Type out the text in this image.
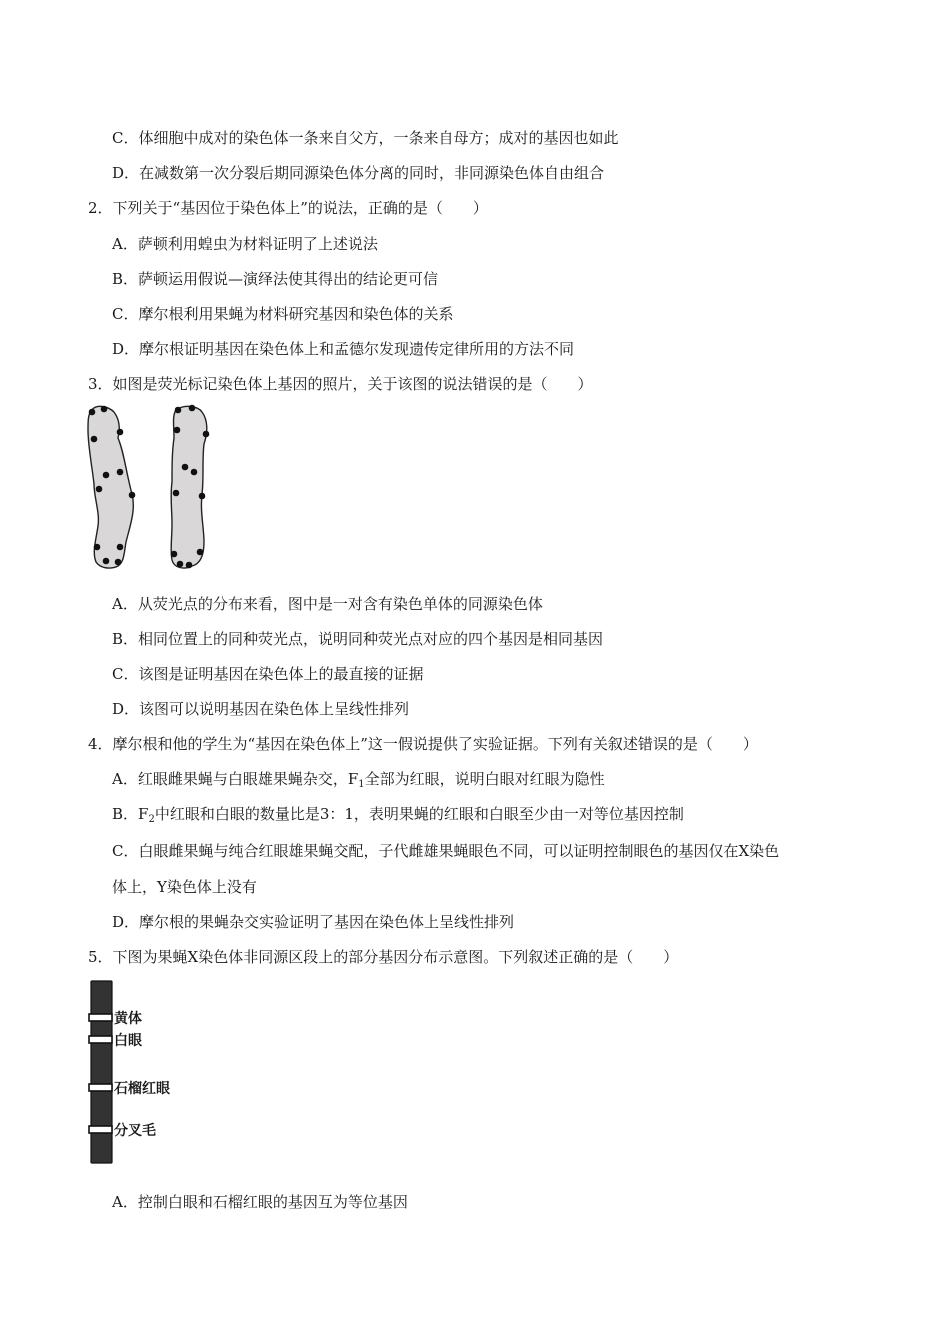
C．体细胞中成对的染色体一条来自父方，一条来自母方；成对的基因也如此
D．在减数第一次分裂后期同源染色体分离的同时，非同源染色体自由组合
2．下列关于“基因位于染色体上”的说法，正确的是（　　）
A．萨顿利用蝗虫为材料证明了上述说法
B．萨顿运用假说—演绎法使其得出的结论更可信
C．摩尔根利用果蝇为材料研究基因和染色体的关系
D．摩尔根证明基因在染色体上和孟德尔发现遗传定律所用的方法不同
3．如图是荧光标记染色体上基因的照片，关于该图的说法错误的是（　　）
A．从荧光点的分布来看，图中是一对含有染色单体的同源染色体
B．相同位置上的同种荧光点，说明同种荧光点对应的四个基因是相同基因
C．该图是证明基因在染色体上的最直接的证据
D．该图可以说明基因在染色体上呈线性排列
4．摩尔根和他的学生为“基因在染色体上”这一假说提供了实验证据。下列有关叙述错误的是（　　）
A．红眼雌果蝇与白眼雄果蝇杂交，$F_1$全部为红眼，说明白眼对红眼为隐性
B．$F_2$中红眼和白眼的数量比是3：1，表明果蝇的红眼和白眼至少由一对等位基因控制
C．白眼雌果蝇与纯合红眼雄果蝇交配，子代雌雄果蝇眼色不同，可以证明控制眼色的基因仅在X染色
体上，Y染色体上没有
D．摩尔根的果蝇杂交实验证明了基因在染色体上呈线性排列
5．下图为果蝇X染色体非同源区段上的部分基因分布示意图。下列叙述正确的是（　　）
黄体
白眼
石榴红眼
分叉毛
A．控制白眼和石榴红眼的基因互为等位基因
